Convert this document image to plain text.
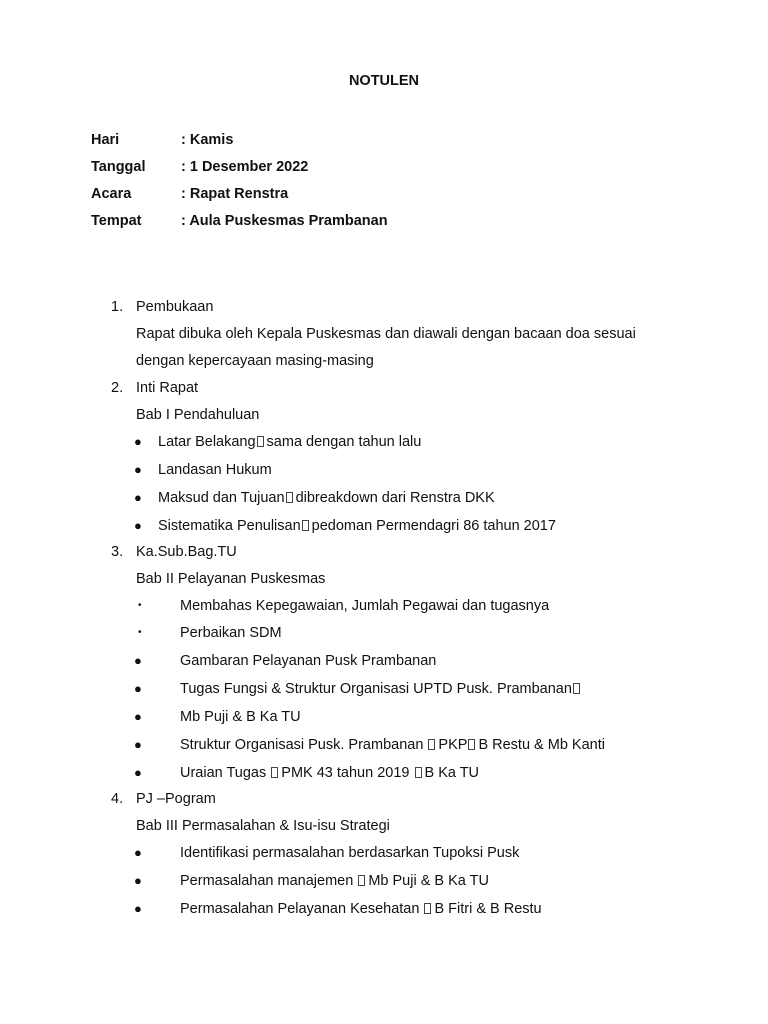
NOTULEN
Hari	: Kamis
Tanggal : 1 Desember 2022
Acara	: Rapat Renstra
Tempat	: Aula Puskesmas Prambanan
1. Pembukaan
Rapat dibuka oleh Kepala Puskesmas dan diawali dengan bacaan doa sesuai
dengan kepercayaan masing-masing
2. Inti Rapat
Bab I Pendahuluan
● Latar Belakang sama dengan tahun lalu
● Landasan Hukum
● Maksud dan Tujuan dibreakdown dari Renstra DKK
● Sistematika Penulisan pedoman Permendagri 86 tahun 2017
3. Ka.Sub.Bag.TU
Bab II Pelayanan Puskesmas
•	Membahas Kepegawaian, Jumlah Pegawai dan tugasnya
•	Perbaikan SDM
●	Gambaran Pelayanan Pusk Prambanan
●	Tugas Fungsi & Struktur Organisasi UPTD Pusk. Prambanan
●	Mb Puji & B Ka TU
●	Struktur Organisasi Pusk. Prambanan PKP B Restu & Mb Kanti
●	Uraian Tugas PMK 43 tahun 2019 B Ka TU
4. PJ –Pogram
Bab III Permasalahan & Isu-isu Strategi
●	Identifikasi permasalahan berdasarkan Tupoksi Pusk
●	Permasalahan manajemen Mb Puji & B Ka TU
●	Permasalahan Pelayanan Kesehatan B Fitri & B Restu
